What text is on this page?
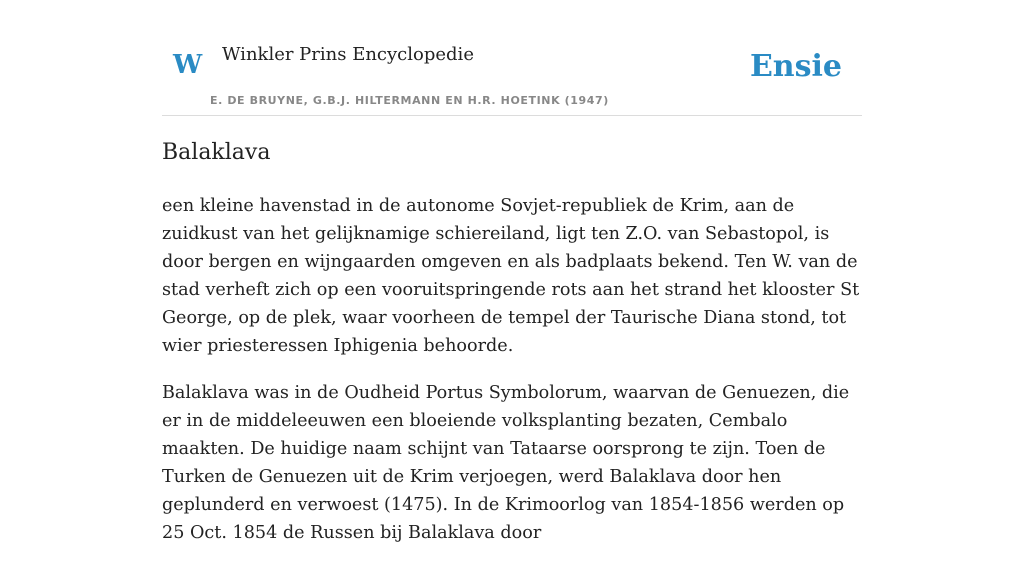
W Winkler Prins Encyclopedie
E. DE BRUYNE, G.B.J. HILTERMANN EN H.R. HOETINK (1947)
Ensie
Balaklava

een kleine havenstad in de autonome Sovjet-republiek de Krim, aan de zuidkust van het gelijknamige schiereiland, ligt ten Z.O. van Sebastopol, is door bergen en wijngaarden omgeven en als badplaats bekend. Ten W. van de stad verheft zich op een vooruitspringende rots aan het strand het klooster St George, op de plek, waar voorheen de tempel der Taurische Diana stond, tot wier priesteressen Iphigenia behoorde.

Balaklava was in de Oudheid Portus Symbolorum, waarvan de Genuezen, die er in de middeleeuwen een bloeiende volksplanting bezaten, Cembalo maakten. De huidige naam schijnt van Tataarse oorsprong te zijn. Toen de Turken de Genuezen uit de Krim verjoegen, werd Balaklava door hen geplunderd en verwoest (1475). In de Krimoorlog van 1854-1856 werden op 25 Oct. 1854 de Russen bij Balaklava door
